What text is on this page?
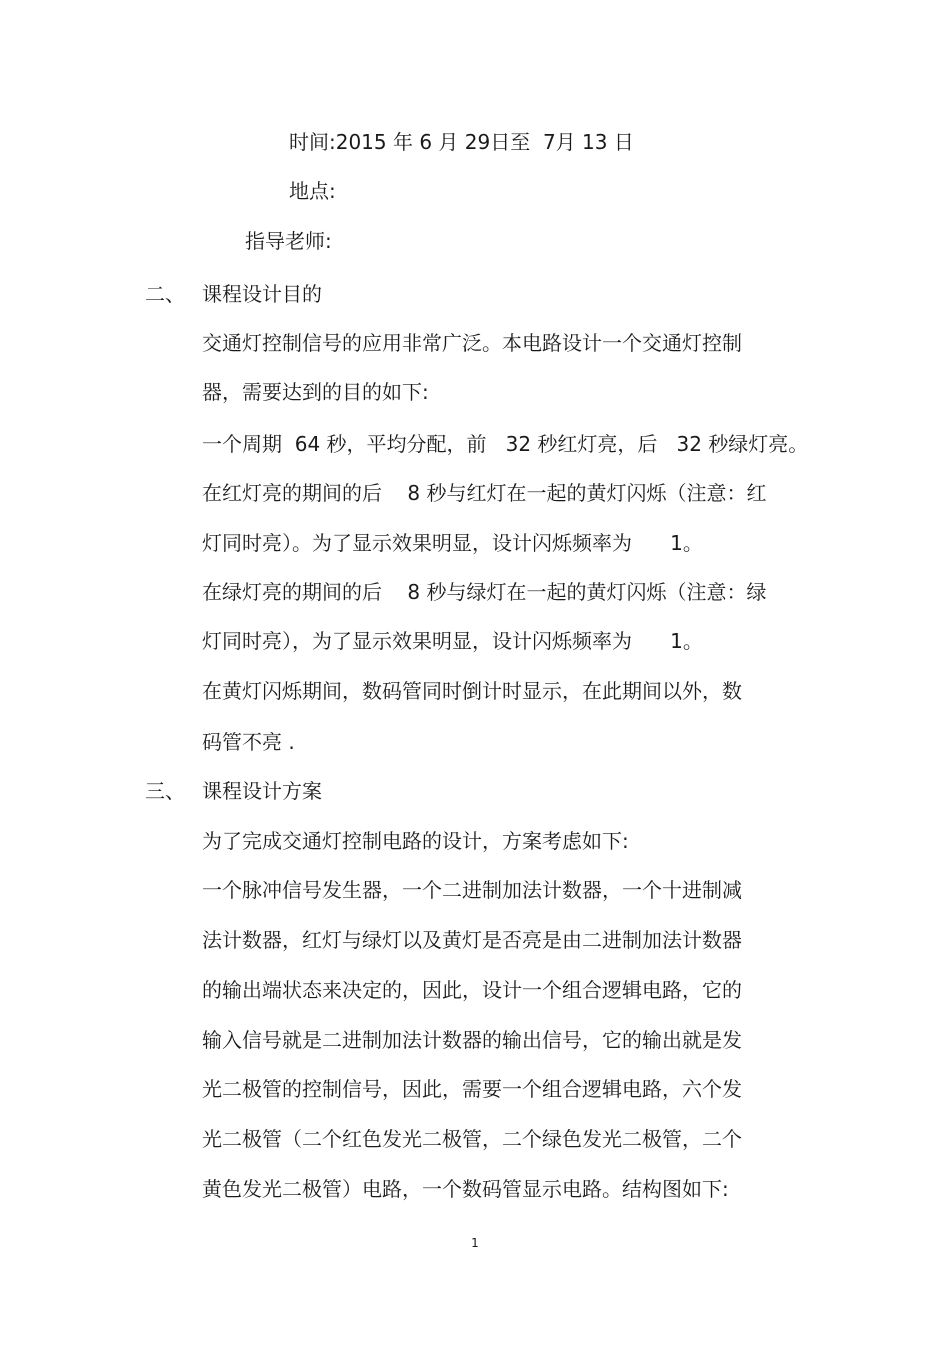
时间:2015 年 6 月 29日至  7月 13 日

地点:

指导老师:

二、 课程设计目的

交通灯控制信号的应用非常广泛。本电路设计一个交通灯控制

器，需要达到的目的如下:

一个周期  64 秒，平均分配，前   32 秒红灯亮，后   32 秒绿灯亮。

在红灯亮的期间的后    8 秒与红灯在一起的黄灯闪烁（注意：红

灯同时亮）。为了显示效果明显，设计闪烁频率为      1。

在绿灯亮的期间的后    8 秒与绿灯在一起的黄灯闪烁（注意：绿

灯同时亮），为了显示效果明显，设计闪烁频率为      1。

在黄灯闪烁期间，数码管同时倒计时显示，在此期间以外，数

码管不亮 .

三、 课程设计方案

为了完成交通灯控制电路的设计，方案考虑如下:

一个脉冲信号发生器，一个二进制加法计数器，一个十进制减

法计数器，红灯与绿灯以及黄灯是否亮是由二进制加法计数器

的输出端状态来决定的，因此，设计一个组合逻辑电路，它的

输入信号就是二进制加法计数器的输出信号，它的输出就是发

光二极管的控制信号，因此，需要一个组合逻辑电路，六个发

光二极管（二个红色发光二极管，二个绿色发光二极管，二个

黄色发光二极管）电路，一个数码管显示电路。结构图如下:

1
